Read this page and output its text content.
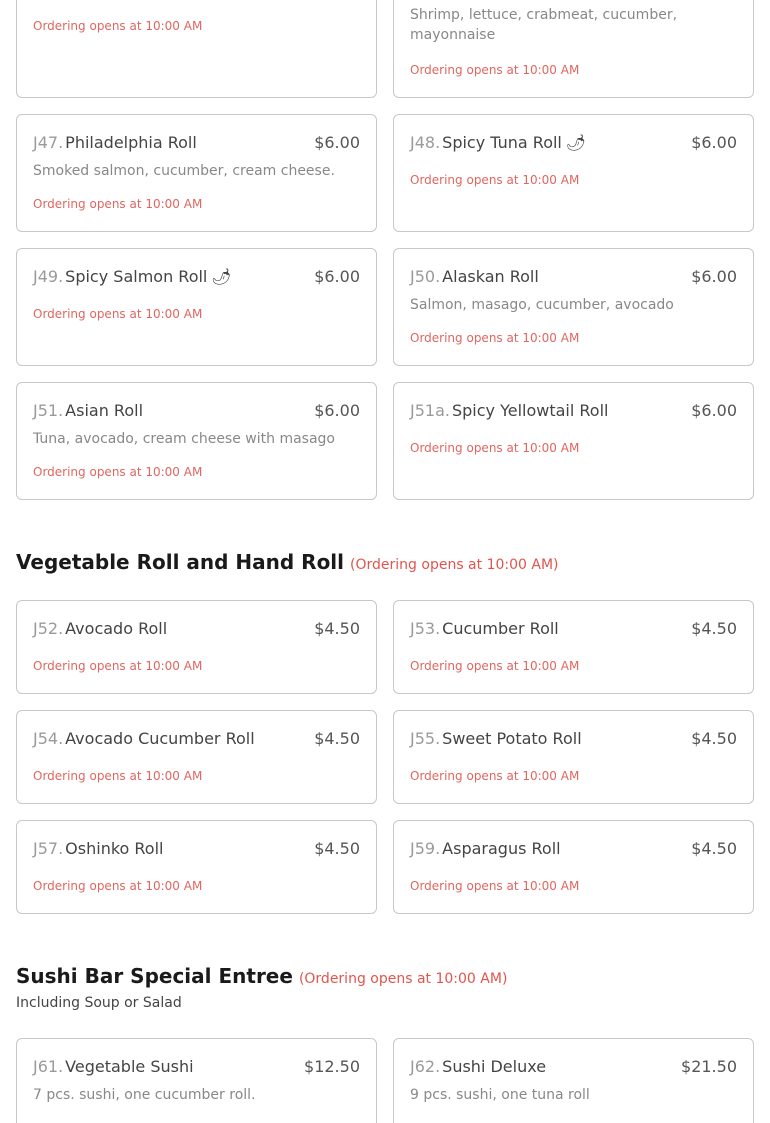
Ordering opens at 10:00 AM
Shrimp, lettuce, crabmeat, cucumber, mayonnaise
Ordering opens at 10:00 AM
J47. Philadelphia Roll	$6.00
Smoked salmon, cucumber, cream cheese.
Ordering opens at 10:00 AM
J48. Spicy Tuna Roll 🌶	$6.00
Ordering opens at 10:00 AM
J49. Spicy Salmon Roll 🌶	$6.00
Ordering opens at 10:00 AM
J50. Alaskan Roll	$6.00
Salmon, masago, cucumber, avocado
Ordering opens at 10:00 AM
J51. Asian Roll	$6.00
Tuna, avocado, cream cheese with masago
Ordering opens at 10:00 AM
J51a. Spicy Yellowtail Roll	$6.00
Ordering opens at 10:00 AM
Vegetable Roll and Hand Roll (Ordering opens at 10:00 AM)
J52. Avocado Roll	$4.50
Ordering opens at 10:00 AM
J53. Cucumber Roll	$4.50
Ordering opens at 10:00 AM
J54. Avocado Cucumber Roll	$4.50
Ordering opens at 10:00 AM
J55. Sweet Potato Roll	$4.50
Ordering opens at 10:00 AM
J57. Oshinko Roll	$4.50
Ordering opens at 10:00 AM
J59. Asparagus Roll	$4.50
Ordering opens at 10:00 AM
Sushi Bar Special Entree (Ordering opens at 10:00 AM)
Including Soup or Salad
J61. Vegetable Sushi	$12.50
7 pcs. sushi, one cucumber roll.
J62. Sushi Deluxe	$21.50
9 pcs. sushi, one tuna roll
